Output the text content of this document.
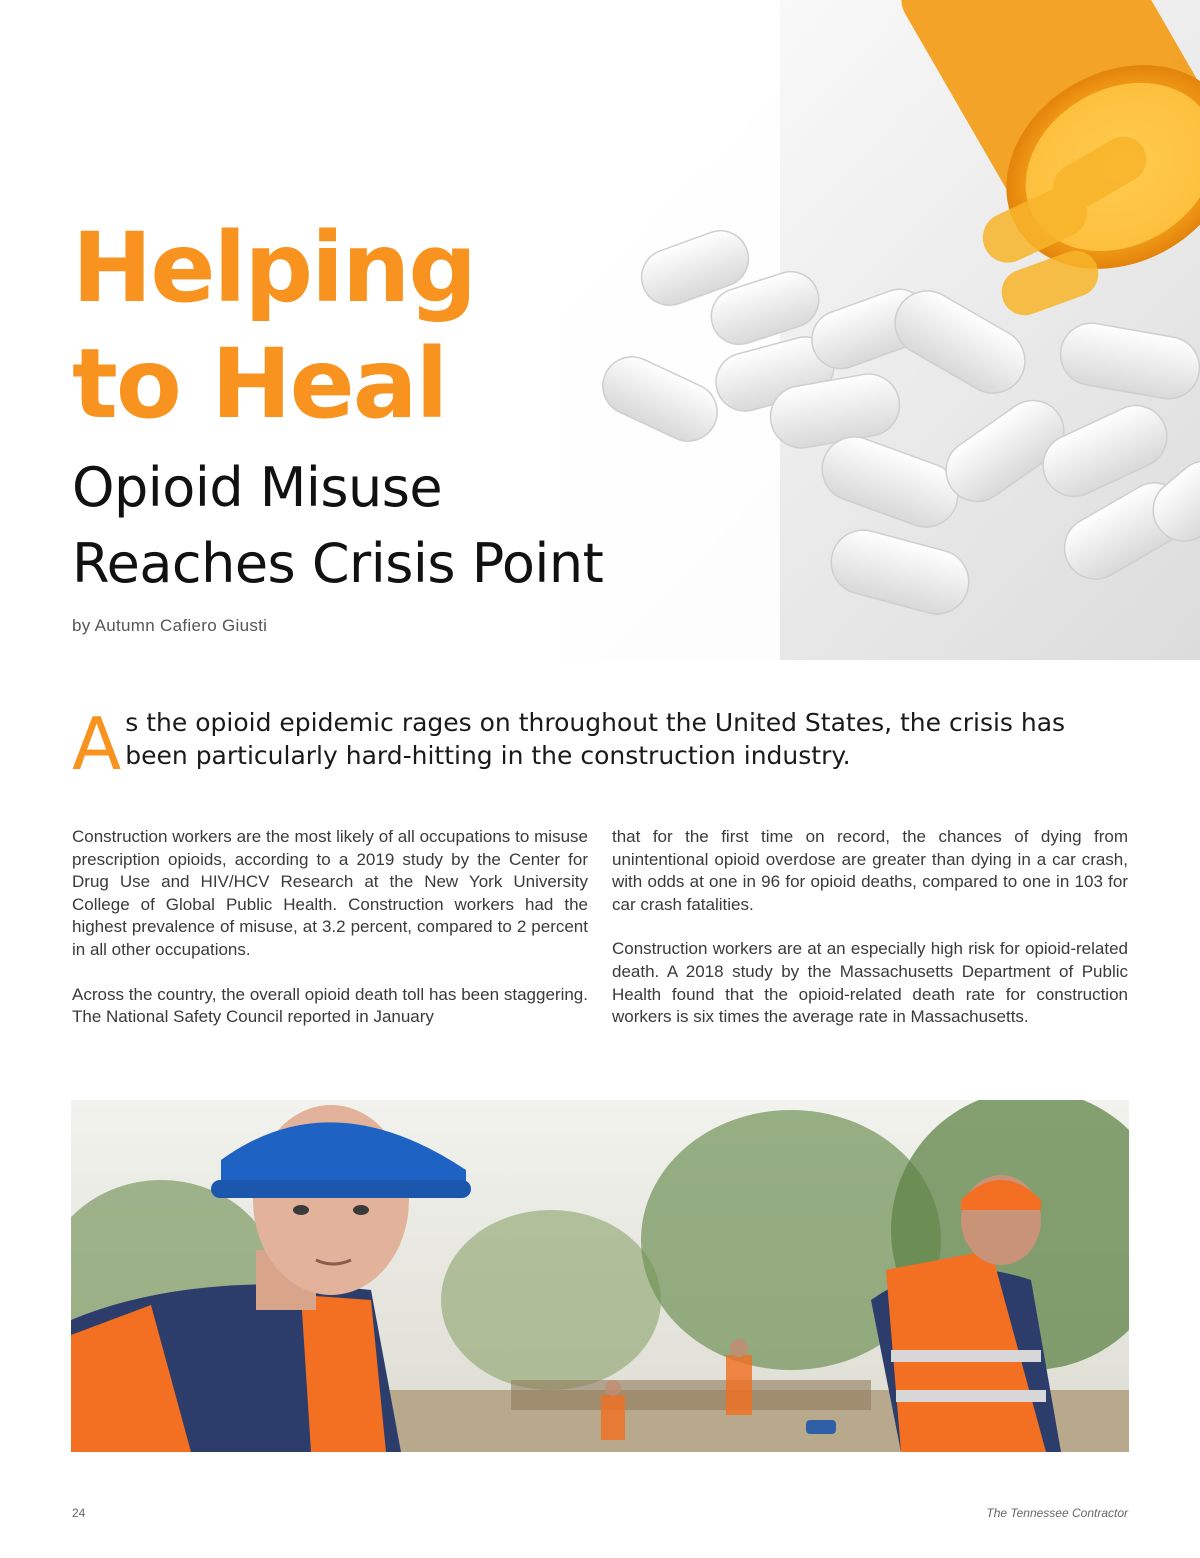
Helping
to Heal
Opioid Misuse
Reaches Crisis Point
by Autumn Cafiero Giusti
A s the opioid epidemic rages on throughout the United States, the crisis has been particularly hard-hitting in the construction industry.

Construction workers are the most likely of all occupations to misuse prescription opioids, according to a 2019 study by the Center for Drug Use and HIV/HCV Research at the New York University College of Global Public Health. Construction workers had the highest prevalence of misuse, at 3.2 percent, compared to 2 percent in all other occupations.

Across the country, the overall opioid death toll has been staggering. The National Safety Council reported in January

that for the first time on record, the chances of dying from unintentional opioid overdose are greater than dying in a car crash, with odds at one in 96 for opioid deaths, compared to one in 103 for car crash fatalities.

Construction workers are at an especially high risk for opioid-related death. A 2018 study by the Massachusetts Department of Public Health found that the opioid-related death rate for construction workers is six times the average rate in Massachusetts.

24	The Tennessee Contractor
